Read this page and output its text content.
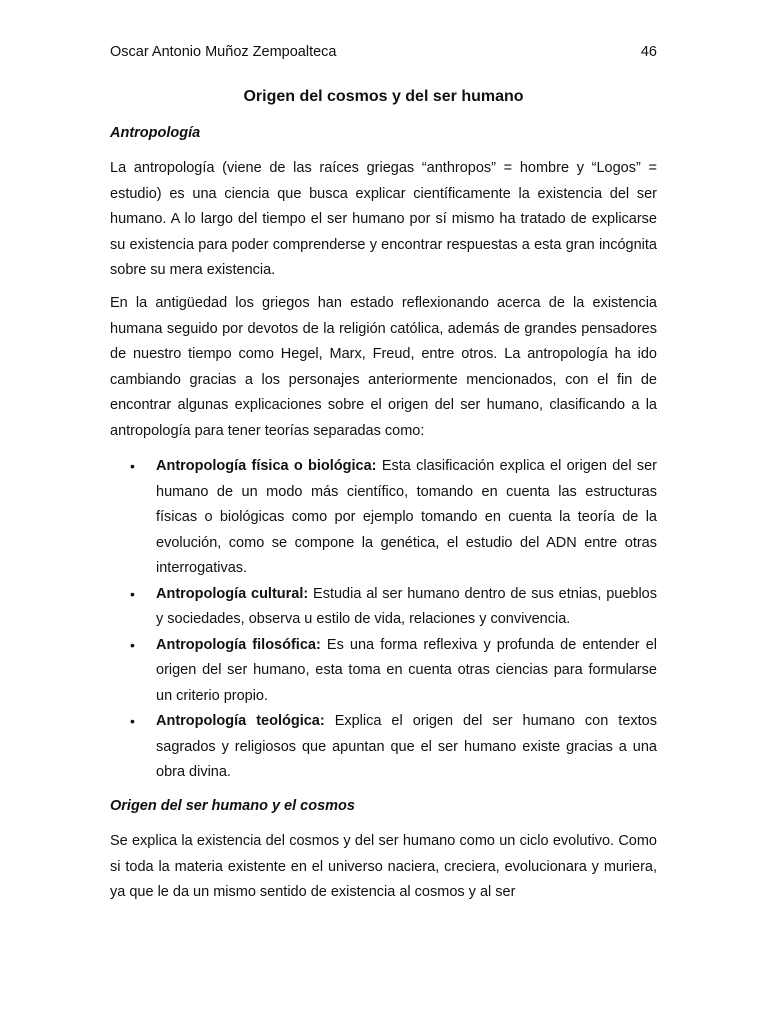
Oscar Antonio Muñoz Zempoalteca	46
Origen del cosmos y del ser humano
Antropología

La antropología (viene de las raíces griegas “anthropos” = hombre y “Logos” = estudio) es una ciencia que busca explicar científicamente la existencia del ser humano. A lo largo del tiempo el ser humano por sí mismo ha tratado de explicarse su existencia para poder comprenderse y encontrar respuestas a esta gran incógnita sobre su mera existencia.

En la antigüedad los griegos han estado reflexionando acerca de la existencia humana seguido por devotos de la religión católica, además de grandes pensadores de nuestro tiempo como Hegel, Marx, Freud, entre otros. La antropología ha ido cambiando gracias a los personajes anteriormente mencionados, con el fin de encontrar algunas explicaciones sobre el origen del ser humano, clasificando a la antropología para tener teorías separadas como:

•	Antropología física o biológica: Esta clasificación explica el origen del ser humano de un modo más científico, tomando en cuenta las estructuras físicas o biológicas como por ejemplo tomando en cuenta la teoría de la evolución, como se compone la genética, el estudio del ADN entre otras interrogativas.
•	Antropología cultural: Estudia al ser humano dentro de sus etnias, pueblos y sociedades, observa u estilo de vida, relaciones y convivencia.
•	Antropología filosófica: Es una forma reflexiva y profunda de entender el origen del ser humano, esta toma en cuenta otras ciencias para formularse un criterio propio.
•	Antropología teológica: Explica el origen del ser humano con textos sagrados y religiosos que apuntan que el ser humano existe gracias a una obra divina.
Origen del ser humano y el cosmos

Se explica la existencia del cosmos y del ser humano como un ciclo evolutivo. Como si toda la materia existente en el universo naciera, creciera, evolucionara y muriera, ya que le da un mismo sentido de existencia al cosmos y al ser
